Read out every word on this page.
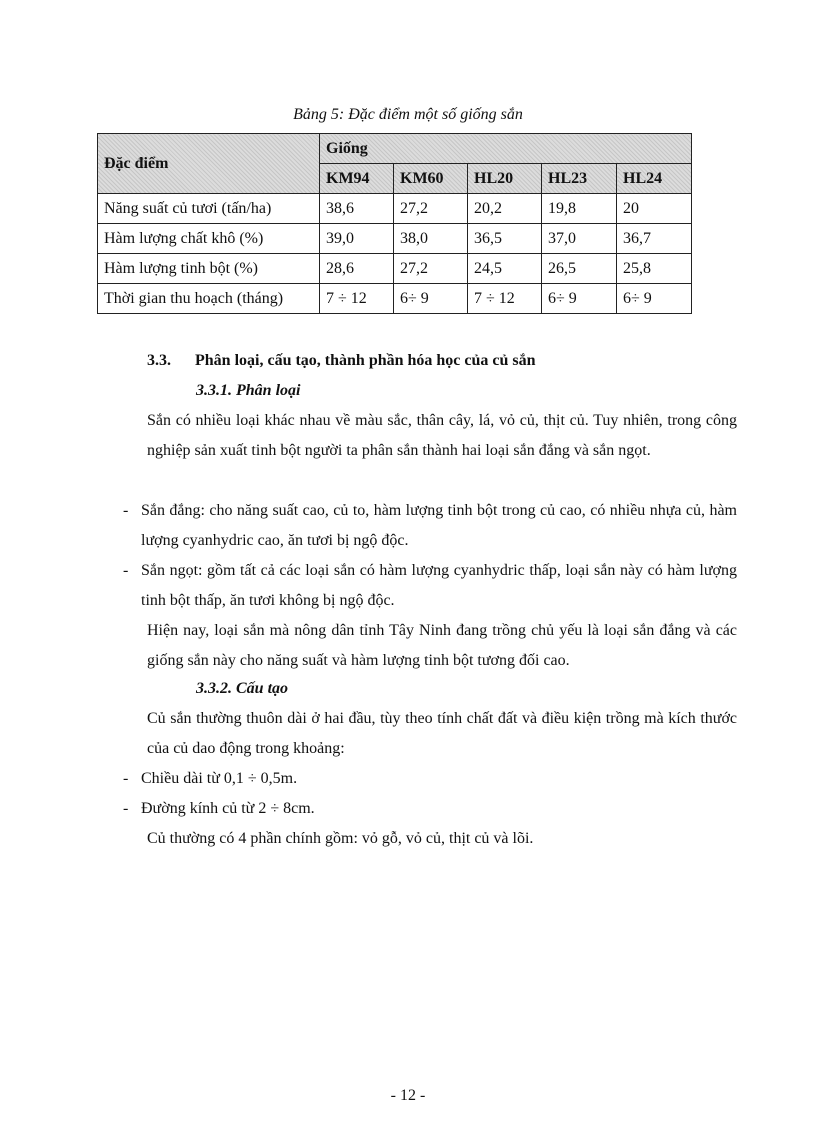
Bảng 5: Đặc điểm một số giống sắn
Đặc điểm	Giống				
	KM94	KM60	HL20	HL23	HL24
Năng suất củ tươi (tấn/ha)	38,6	27,2	20,2	19,8	20
Hàm lượng chất khô (%)	39,0	38,0	36,5	37,0	36,7
Hàm lượng tinh bột (%)	28,6	27,2	24,5	26,5	25,8
Thời gian thu hoạch (tháng)	7 ÷ 12	6÷ 9	7 ÷ 12	6÷ 9	6÷ 9
3.3. Phân loại, cấu tạo, thành phần hóa học của củ sắn
3.3.1. Phân loại
Sắn có nhiều loại khác nhau về màu sắc, thân cây, lá, vỏ củ, thịt củ. Tuy nhiên, trong công nghiệp sản xuất tinh bột người ta phân sắn thành hai loại sắn đắng và sắn ngọt.
- Sắn đắng: cho năng suất cao, củ to, hàm lượng tinh bột trong củ cao, có nhiều nhựa củ, hàm lượng cyanhydric cao, ăn tươi bị ngộ độc.
- Sắn ngọt: gồm tất cả các loại sắn có hàm lượng cyanhydric thấp, loại sắn này có hàm lượng tinh bột thấp, ăn tươi không bị ngộ độc.
Hiện nay, loại sắn mà nông dân tỉnh Tây Ninh đang trồng chủ yếu là loại sắn đắng và các giống sắn này cho năng suất và hàm lượng tinh bột tương đối cao.
3.3.2. Cấu tạo
Củ sắn thường thuôn dài ở hai đầu, tùy theo tính chất đất và điều kiện trồng mà kích thước của củ dao động trong khoảng:
- Chiều dài từ 0,1 ÷ 0,5m.
- Đường kính củ từ 2 ÷ 8cm.
Củ thường có 4 phần chính gồm: vỏ gỗ, vỏ củ, thịt củ và lõi.
- 12 -
